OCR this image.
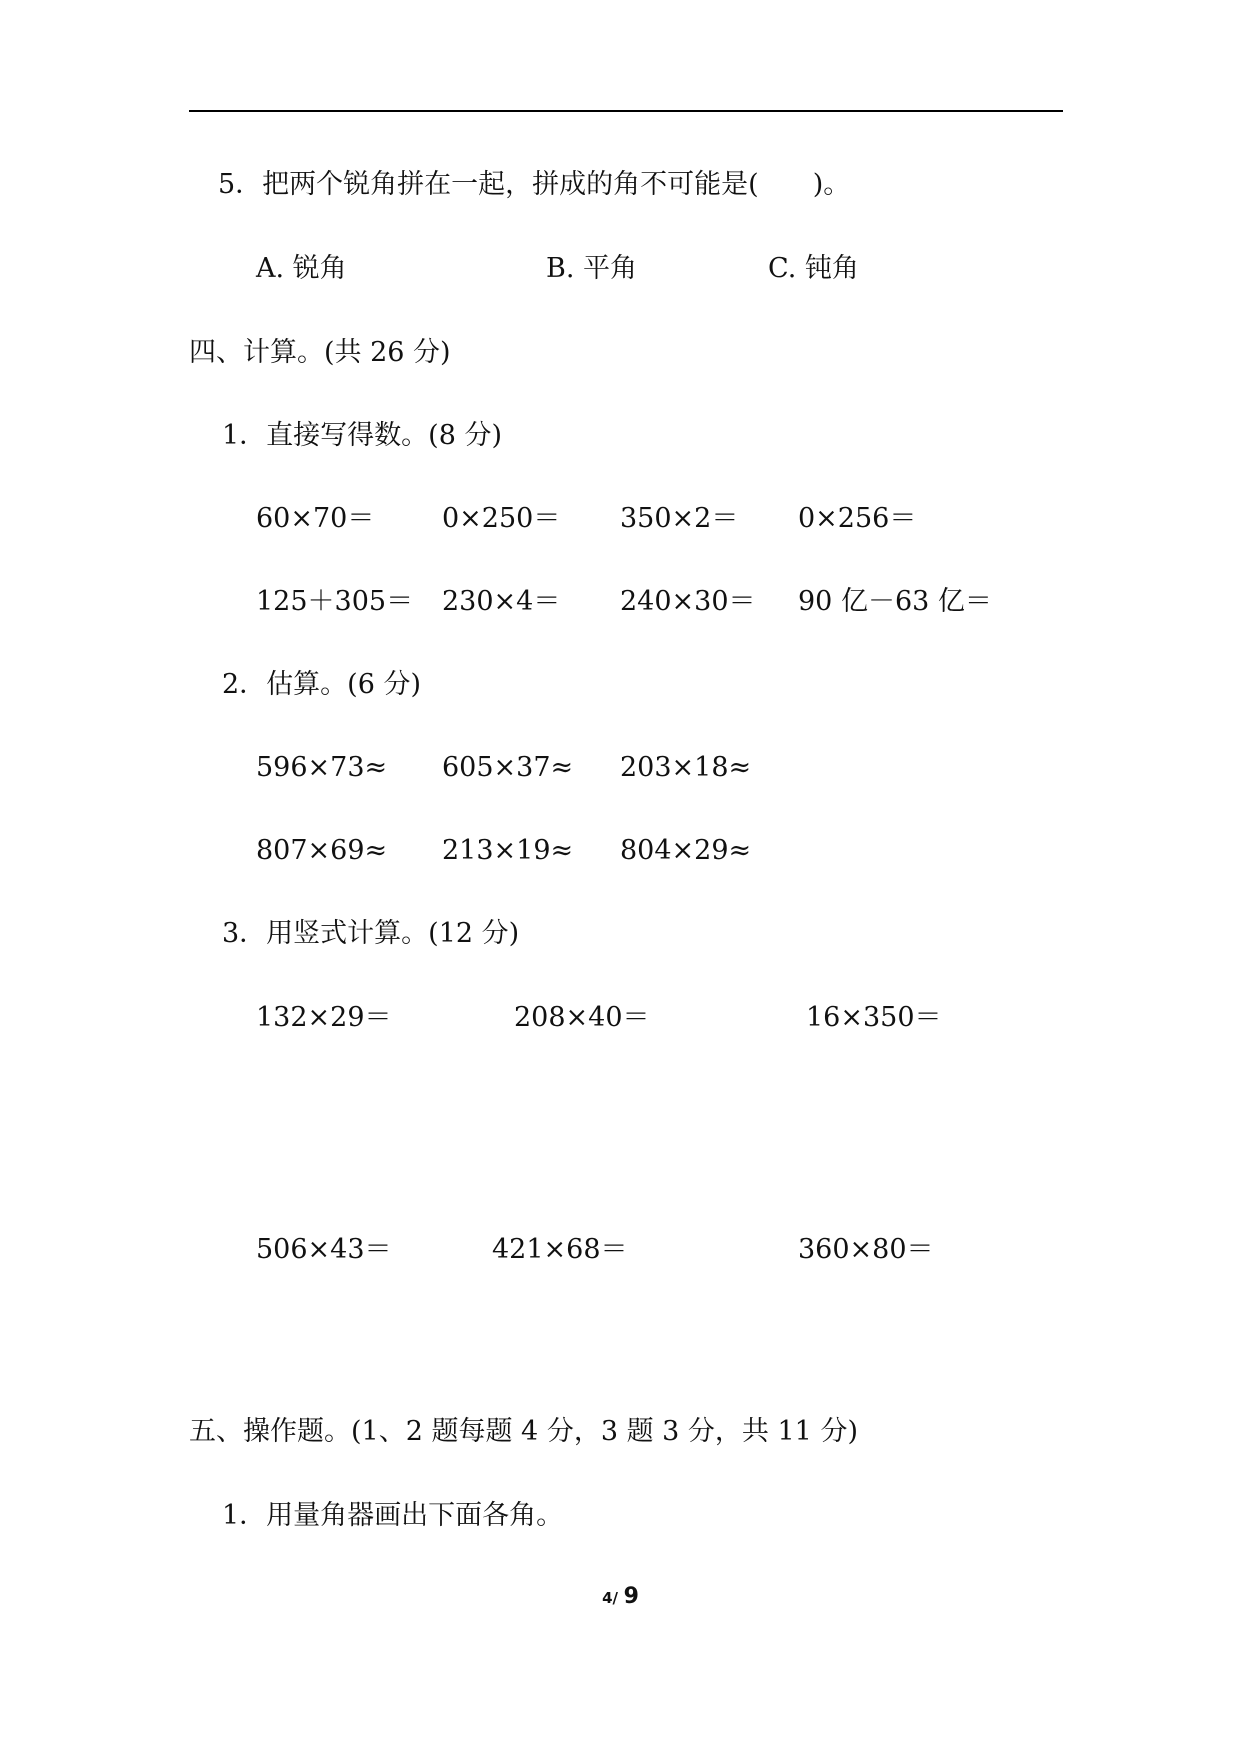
5．把两个锐角拼在一起，拼成的角不可能是(　　)。
A. 锐角	B. 平角	C. 钝角
四、计算。(共 26 分)
1．直接写得数。(8 分)
60×70＝	0×250＝ 350×2＝ 0×256＝
125＋305＝ 230×4＝ 240×30＝ 90 亿－63 亿＝
2．估算。(6 分)
596×73≈ 605×37≈ 203×18≈
807×69≈ 213×19≈ 804×29≈
3．用竖式计算。(12 分)
132×29＝	208×40＝	16×350＝
506×43＝	421×68＝	360×80＝
五、操作题。(1、2 题每题 4 分，3 题 3 分，共 11 分)
1．用量角器画出下面各角。
4/ 9
